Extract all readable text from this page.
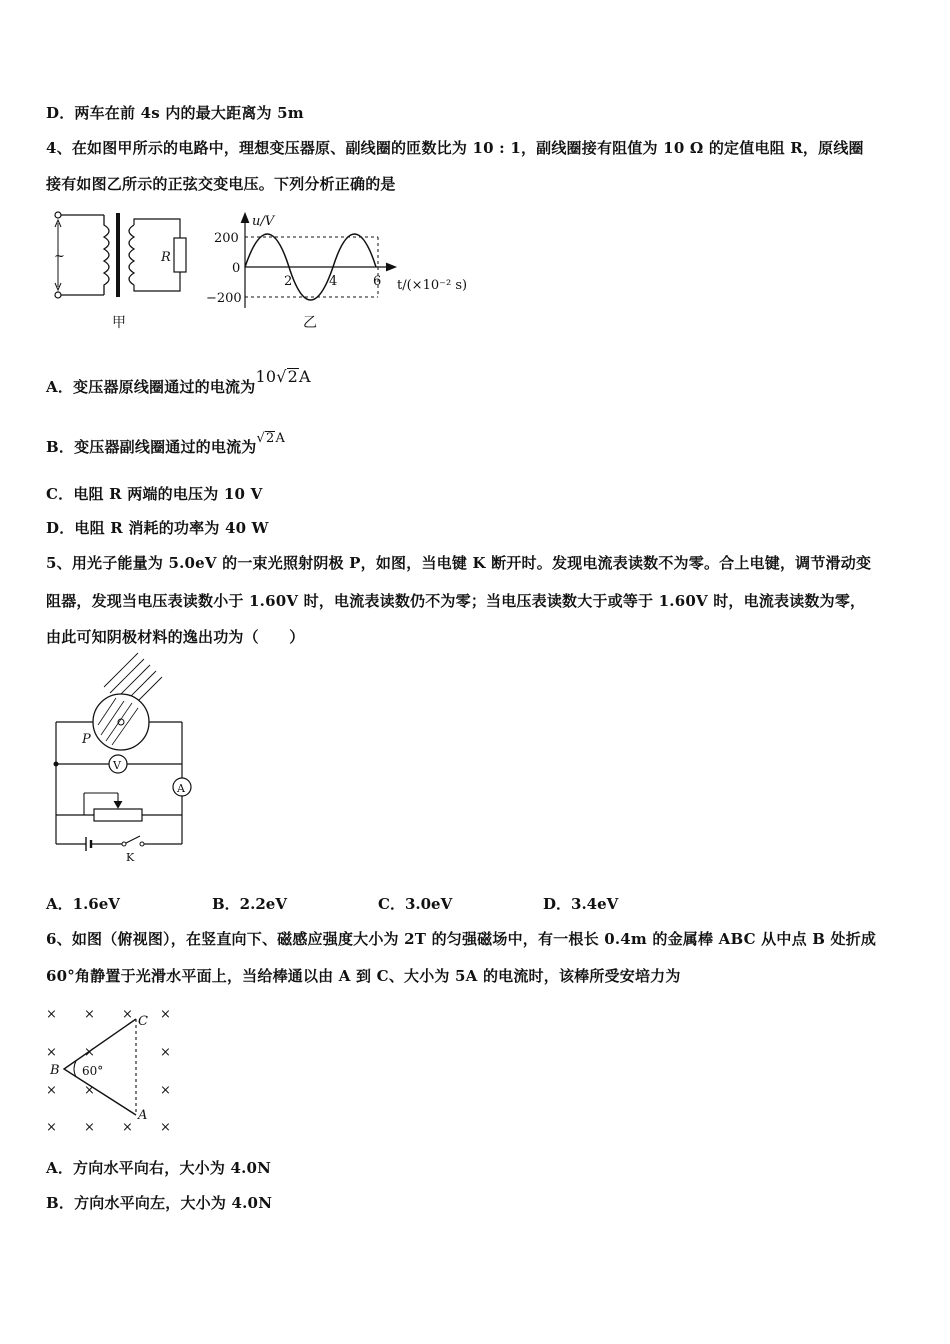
D．两车在前 4s 内的最大距离为 5m
4、在如图甲所示的电路中，理想变压器原、副线圈的匝数比为 10 : 1，副线圈接有阻值为 10 Ω 的定值电阻 R，原线圈
接有如图乙所示的正弦交变电压。下列分析正确的是
~	R
甲
u/V
t/(×10⁻² s)
200
0
−200
2	4	6
乙
A．变压器原线圈通过的电流为10√2A
B．变压器副线圈通过的电流为√2A
C．电阻 R 两端的电压为 10 V
D．电阻 R 消耗的功率为 40 W
5、用光子能量为 5.0eV 的一束光照射阴极 P，如图，当电键 K 断开时。发现电流表读数不为零。合上电键，调节滑动变
阻器，发现当电压表读数小于 1.60V 时，电流表读数仍不为零；当电压表读数大于或等于 1.60V 时，电流表读数为零，
由此可知阴极材料的逸出功为（　　）
P
V
A
K
A．1.6eV	B．2.2eV	C．3.0eV	D．3.4eV
6、如图（俯视图），在竖直向下、磁感应强度大小为 2T 的匀强磁场中，有一根长 0.4m 的金属棒 ABC 从中点 B 处折成
60°角静置于光滑水平面上，当给棒通以由 A 到 C、大小为 5A 的电流时，该棒所受安培力为
× × × ×
× ×	×
× ×	×
× × × ×
60°
B
C
A
A．方向水平向右，大小为 4.0N
B．方向水平向左，大小为 4.0N
